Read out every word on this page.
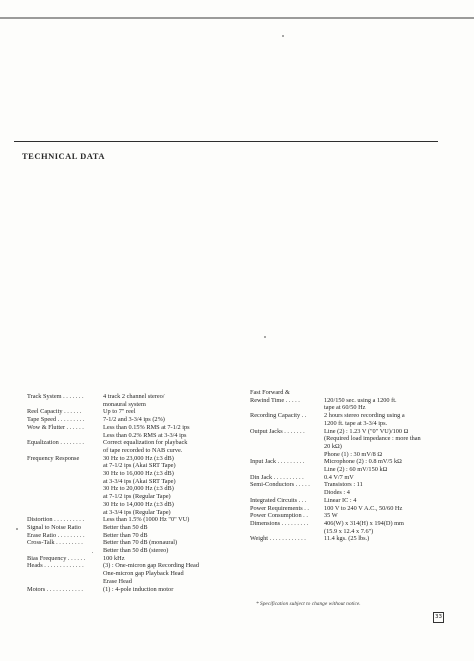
TECHNICAL DATA
Track System . . . . . . .	4 track 2 channel stereo/
monaural system
Reel Capacity . . . . . .	Up to 7" reel
Tape Speed . . . . . . . . .	7-1/2 and 3-3/4 ips (2%)
Wow & Flutter . . . . . .	Less than 0.15% RMS at 7-1/2 ips
Less than 0.2% RMS at 3-3/4 ips
Equalization . . . . . . . .	Correct equalization for playback
of tape recorded to NAB curve.
Frequency Response	30 Hz to 23,000 Hz (±3 dB)
at 7-1/2 ips (Akai SRT Tape)
30 Hz to 16,000 Hz (±3 dB)
at 3-3/4 ips (Akai SRT Tape)
30 Hz to 20,000 Hz (±3 dB)
at 7-1/2 ips (Regular Tape)
30 Hz to 14,000 Hz (±3 dB)
at 3-3/4 ips (Regular Tape)
Distortion . . . . . . . . . .	Less than 1.5% (1000 Hz "0" VU)
Signal to Noise Ratio	Better than 50 dB
Erase Ratio . . . . . . . . .	Better than 70 dB
Cross-Talk . . . . . . . . .	Better than 70 dB (monaural)
Better than 50 dB (stereo)
Bias Frequency . . . . . .	100 kHz
Heads . . . . . . . . . . . . .	(3) : One-micron gap Recording Head
One-micron gap Playback Head
Erase Head
Motors . . . . . . . . . . . .	(1) : 4-pole induction motor
Fast Forward &

Rewind Time . . . . .	120/150 sec. using a 1200 ft.
tape at 60/50 Hz
Recording Capacity . .	2 hours stereo recording using a
1200 ft. tape at 3-3/4 ips.
Output Jacks . . . . . . .	Line (2) : 1.23 V ("0" VU)/100 Ω
(Required load impedance : more than
20 kΩ)
Phone (1) : 30 mV/8 Ω
Input Jack . . . . . . . . .	Microphone (2) : 0.8 mV/5 kΩ
Line (2) : 60 mV/150 kΩ
Din Jack . . . . . . . . . .	0.4 V/7 mV
Semi-Conductors . . . . . Transistors : 11
Diodes : 4
Integrated Circuits . . .	Linear IC : 4
Power Requirements . . 100 V to 240 V A.C., 50/60 Hz
Power Consumption . .	35 W
Dimensions . . . . . . . . . 406(W) x 314(H) x 194(D) mm
(15.9 x 12.4 x 7.6")
Weight . . . . . . . . . . . .	11.4 kgs. (25 lbs.)
* Specification subject to change without notice.
33
